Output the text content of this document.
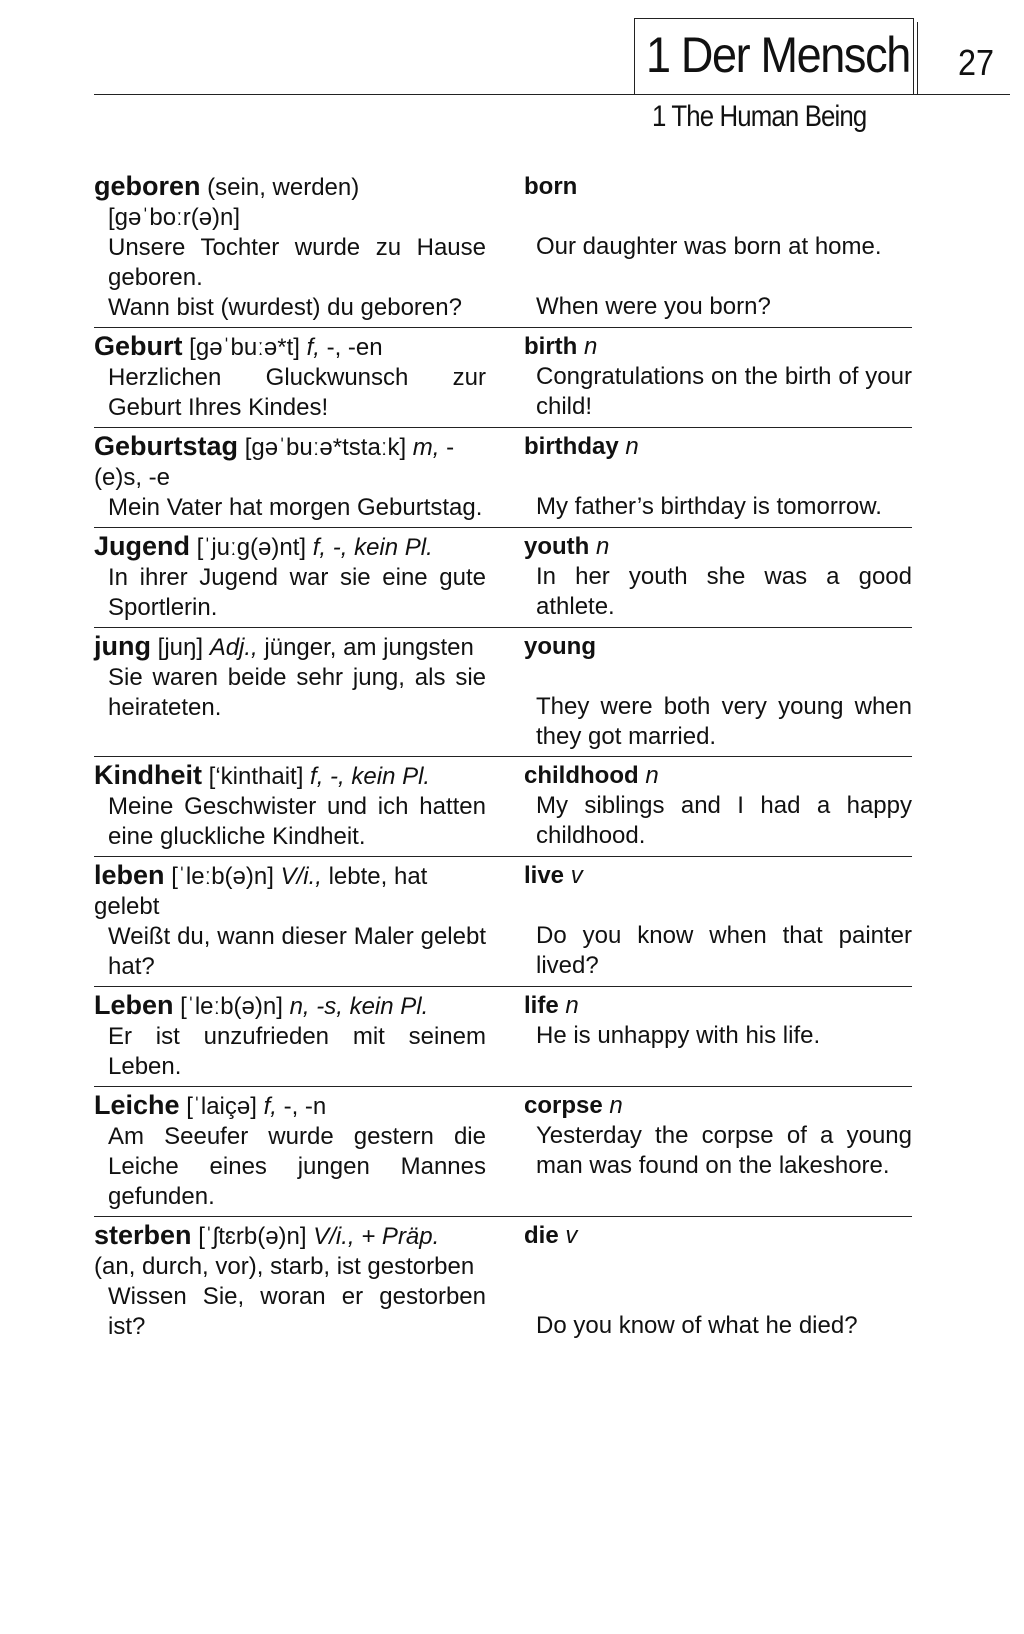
1 Der Mensch 27
1 The Human Being
geboren (sein, werden)
[gəˈboːr(ə)n]
Unsere Tochter wurde zu Hause geboren.
Wann bist (wurdest) du geboren?
born
Our daughter was born at home.
When were you born?
Geburt [gəˈbuːə*t] f, -, -en
Herzlichen Gluckwunsch zur Geburt Ihres Kindes!
birth n
Congratulations on the birth of your child!
Geburtstag [gəˈbuːə*tstaːk] m, -(e)s, -e
Mein Vater hat morgen Geburtstag.
birthday n
My father’s birthday is tomorrow.
Jugend [ˈjuːg(ə)nt] f, -, kein Pl.
In ihrer Jugend war sie eine gute Sportlerin.
youth n
In her youth she was a good athlete.
jung [juŋ] Adj., jünger, am jungsten
Sie waren beide sehr jung, als sie heirateten.
young
They were both very young when they got married.
Kindheit [‘kinthait] f, -, kein Pl.
Meine Geschwister und ich hatten eine gluckliche Kindheit.
childhood n
My siblings and I had a happy childhood.
leben [ˈleːb(ə)n] V/i., lebte, hat gelebt
Weißt du, wann dieser Maler gelebt hat?
live v
Do you know when that painter lived?
Leben [ˈleːb(ə)n] n, -s, kein Pl.
Er ist unzufrieden mit seinem Leben.
life n
He is unhappy with his life.
Leiche [ˈlaiçə] f, -, -n
Am Seeufer wurde gestern die Leiche eines jungen Mannes gefunden.
corpse n
Yesterday the corpse of a young man was found on the lakeshore.
sterben [ˈʃtɛrb(ə)n] V/i., + Präp. (an, durch, vor), starb, ist gestorben
Wissen Sie, woran er gestorben ist?
die v
Do you know of what he died?
